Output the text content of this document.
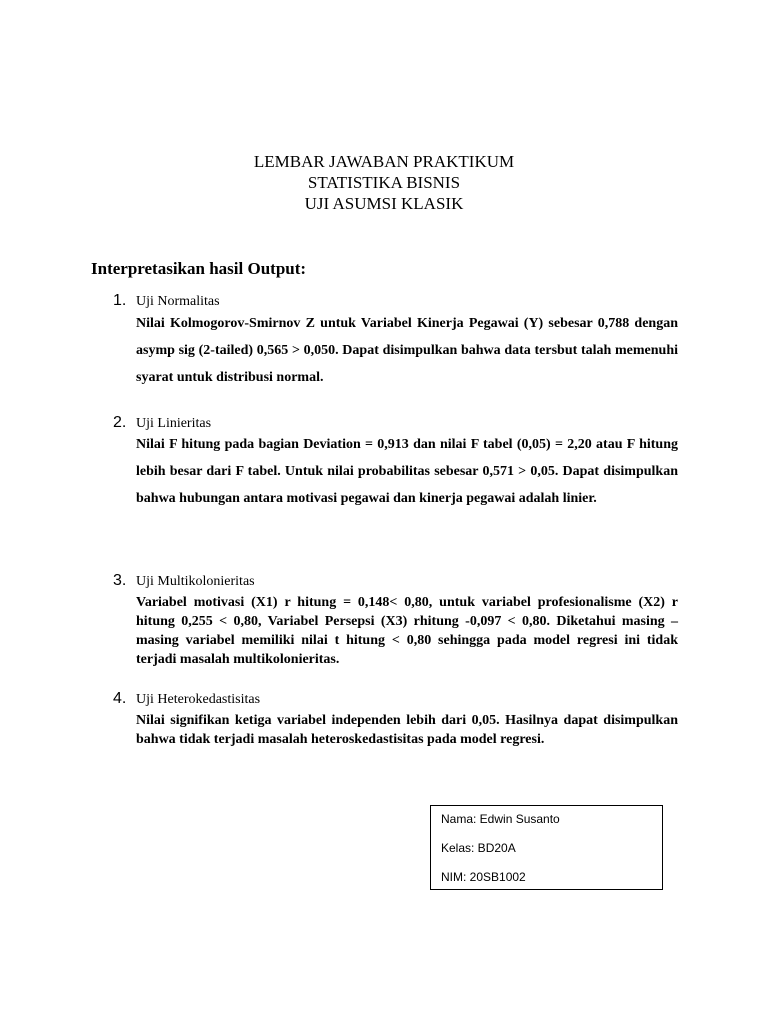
LEMBAR JAWABAN PRAKTIKUM
STATISTIKA BISNIS
UJI ASUMSI KLASIK
Interpretasikan hasil Output:
1. Uji Normalitas
Nilai Kolmogorov-Smirnov Z untuk Variabel Kinerja Pegawai (Y) sebesar 0,788 dengan asymp sig (2-tailed) 0,565 > 0,050. Dapat disimpulkan bahwa data tersbut talah memenuhi syarat untuk distribusi normal.
2. Uji Linieritas
Nilai F hitung pada bagian Deviation = 0,913 dan nilai F tabel (0,05) = 2,20 atau F hitung lebih besar dari F tabel. Untuk nilai probabilitas sebesar 0,571 > 0,05. Dapat disimpulkan bahwa hubungan antara motivasi pegawai dan kinerja pegawai adalah linier.
3. Uji Multikolonieritas
Variabel motivasi (X1) r hitung = 0,148< 0,80, untuk variabel profesionalisme (X2) r hitung 0,255 < 0,80, Variabel Persepsi (X3) rhitung -0,097 < 0,80. Diketahui masing – masing variabel memiliki nilai t hitung < 0,80 sehingga pada model regresi ini tidak terjadi masalah multikolonieritas.
4. Uji Heterokedastisitas
Nilai signifikan ketiga variabel independen lebih dari 0,05. Hasilnya dapat disimpulkan bahwa tidak terjadi masalah heteroskedastisitas pada model regresi.
Nama: Edwin Susanto
Kelas: BD20A
NIM: 20SB1002
